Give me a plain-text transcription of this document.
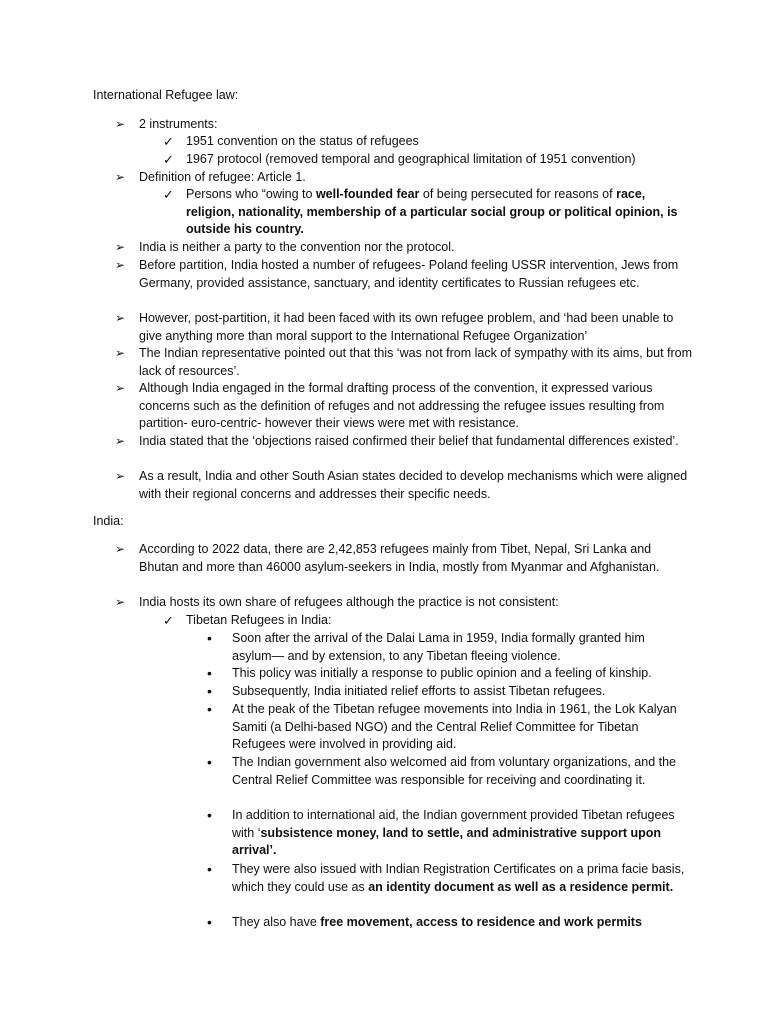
International Refugee law:
➢ 2 instruments:
✓ 1951 convention on the status of refugees
✓ 1967 protocol (removed temporal and geographical limitation of 1951 convention)
➢ Definition of refugee: Article 1.
✓ Persons who “owing to well-founded fear of being persecuted for reasons of race, religion, nationality, membership of a particular social group or political opinion, is outside his country.
➢ India is neither a party to the convention nor the protocol.
➢ Before partition, India hosted a number of refugees- Poland feeling USSR intervention, Jews from Germany, provided assistance, sanctuary, and identity certificates to Russian refugees etc.
➢ However, post-partition, it had been faced with its own refugee problem, and ‘had been unable to give anything more than moral support to the International Refugee Organization’
➢ The Indian representative pointed out that this ‘was not from lack of sympathy with its aims, but from lack of resources’.
➢ Although India engaged in the formal drafting process of the convention, it expressed various concerns such as the definition of refuges and not addressing the refugee issues resulting from partition- euro-centric- however their views were met with resistance.
➢ India stated that the ‘objections raised confirmed their belief that fundamental differences existed’.
➢ As a result, India and other South Asian states decided to develop mechanisms which were aligned with their regional concerns and addresses their specific needs.
India:
➢ According to 2022 data, there are 2,42,853 refugees mainly from Tibet, Nepal, Sri Lanka and Bhutan and more than 46000 asylum-seekers in India, mostly from Myanmar and Afghanistan.
➢ India hosts its own share of refugees although the practice is not consistent:
✓ Tibetan Refugees in India:
• Soon after the arrival of the Dalai Lama in 1959, India formally granted him asylum— and by extension, to any Tibetan fleeing violence.
• This policy was initially a response to public opinion and a feeling of kinship.
• Subsequently, India initiated relief efforts to assist Tibetan refugees.
• At the peak of the Tibetan refugee movements into India in 1961, the Lok Kalyan Samiti (a Delhi-based NGO) and the Central Relief Committee for Tibetan Refugees were involved in providing aid.
• The Indian government also welcomed aid from voluntary organizations, and the Central Relief Committee was responsible for receiving and coordinating it.
• In addition to international aid, the Indian government provided Tibetan refugees with ‘subsistence money, land to settle, and administrative support upon arrival’.
• They were also issued with Indian Registration Certificates on a prima facie basis, which they could use as an identity document as well as a residence permit.
• They also have free movement, access to residence and work permits
